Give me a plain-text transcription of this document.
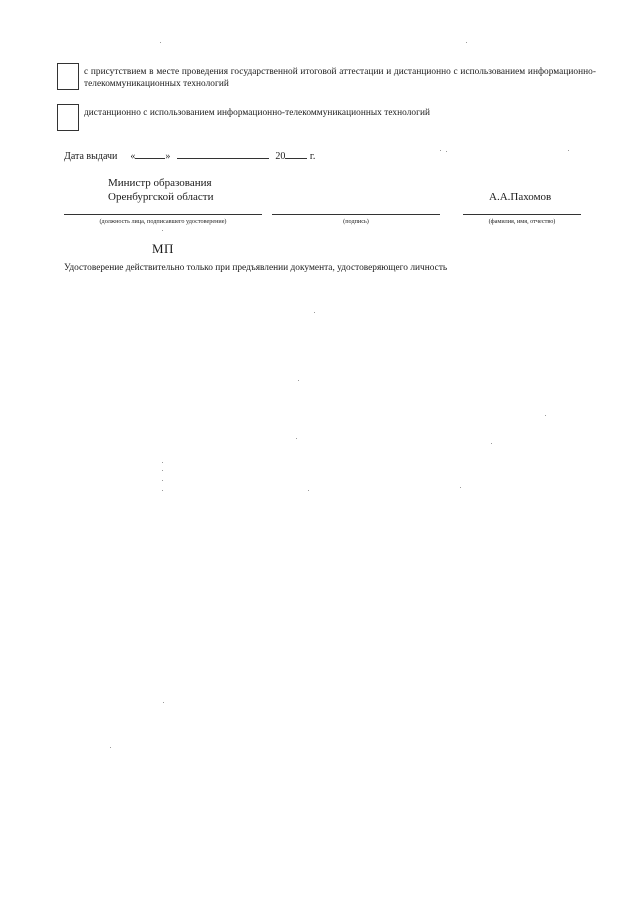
с присутствием в месте проведения государственной итоговой аттестации и дистанционно с использованием информационно-телекоммуникационных технологий
дистанционно с использованием информационно-телекоммуникационных технологий
Дата выдачи «	»	20 г.
Министр образования
Оренбургской области	А.А.Пахомов
(должность лица, подписавшего удостоверение)	(подпись)	(фамилия, имя, отчество)
МП
Удостоверение действительно только при предъявлении документа, удостоверяющего личность
